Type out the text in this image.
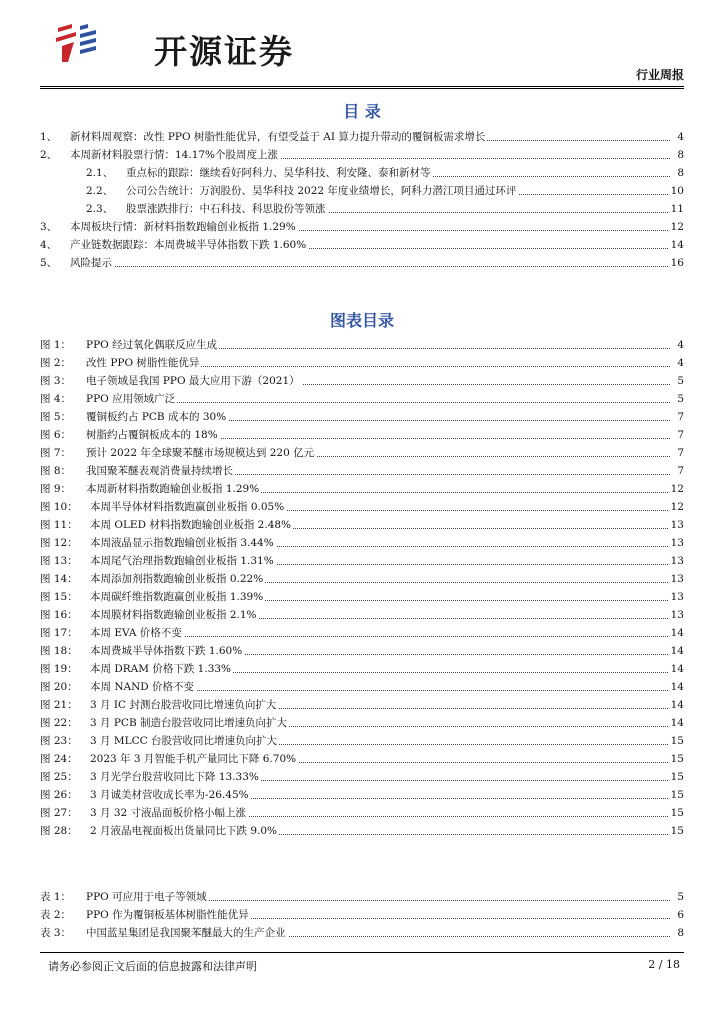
开源证券
行业周报
目 录
1、 新材料周观察：改性 PPO 树脂性能优异，有望受益于 AI 算力提升带动的覆铜板需求增长	4
2、 本周新材料股票行情：14.17%个股周度上涨	8
2.1、 重点标的跟踪：继续看好阿科力、昊华科技、利安隆、泰和新材等	8
2.2、 公司公告统计：万润股份、昊华科技 2022 年度业绩增长，阿科力潜江项目通过环评	10
2.3、 股票涨跌排行：中石科技、科思股份等领涨	11
3、 本周板块行情：新材料指数跑输创业板指 1.29%	12
4、 产业链数据跟踪：本周费城半导体指数下跌 1.60%	14
5、 风险提示	16
图表目录
图 1： PPO 经过氧化偶联反应生成	4
图 2： 改性 PPO 树脂性能优异	4
图 3： 电子领域是我国 PPO 最大应用下游（2021）	5
图 4： PPO 应用领域广泛	5
图 5： 覆铜板约占 PCB 成本的 30%	7
图 6： 树脂约占覆铜板成本的 18%	7
图 7： 预计 2022 年全球聚苯醚市场规模达到 220 亿元	7
图 8： 我国聚苯醚表观消费量持续增长	7
图 9： 本周新材料指数跑输创业板指 1.29%	12
图 10： 本周半导体材料指数跑赢创业板指 0.05%	12
图 11： 本周 OLED 材料指数跑输创业板指 2.48%	13
图 12： 本周液晶显示指数跑输创业板指 3.44%	13
图 13： 本周尾气治理指数跑输创业板指 1.31%	13
图 14： 本周添加剂指数跑输创业板指 0.22%	13
图 15： 本周碳纤维指数跑赢创业板指 1.39%	13
图 16： 本周膜材料指数跑输创业板指 2.1%	13
图 17： 本周 EVA 价格不变	14
图 18： 本周费城半导体指数下跌 1.60%	14
图 19： 本周 DRAM 价格下跌 1.33%	14
图 20： 本周 NAND 价格不变	14
图 21： 3 月 IC 封测台股营收同比增速负向扩大	14
图 22： 3 月 PCB 制造台股营收同比增速负向扩大	14
图 23： 3 月 MLCC 台股营收同比增速负向扩大	15
图 24： 2023 年 3 月智能手机产量同比下降 6.70%	15
图 25： 3 月光学台股营收同比下降 13.33%	15
图 26： 3 月诚美材营收成长率为-26.45%	15
图 27： 3 月 32 寸液晶面板价格小幅上涨	15
图 28： 2 月液晶电视面板出货量同比下跌 9.0%	15
表 1： PPO 可应用于电子等领域	5
表 2： PPO 作为覆铜板基体树脂性能优异	6
表 3： 中国蓝星集团是我国聚苯醚最大的生产企业	8
请务必参阅正文后面的信息披露和法律声明	2 / 18
